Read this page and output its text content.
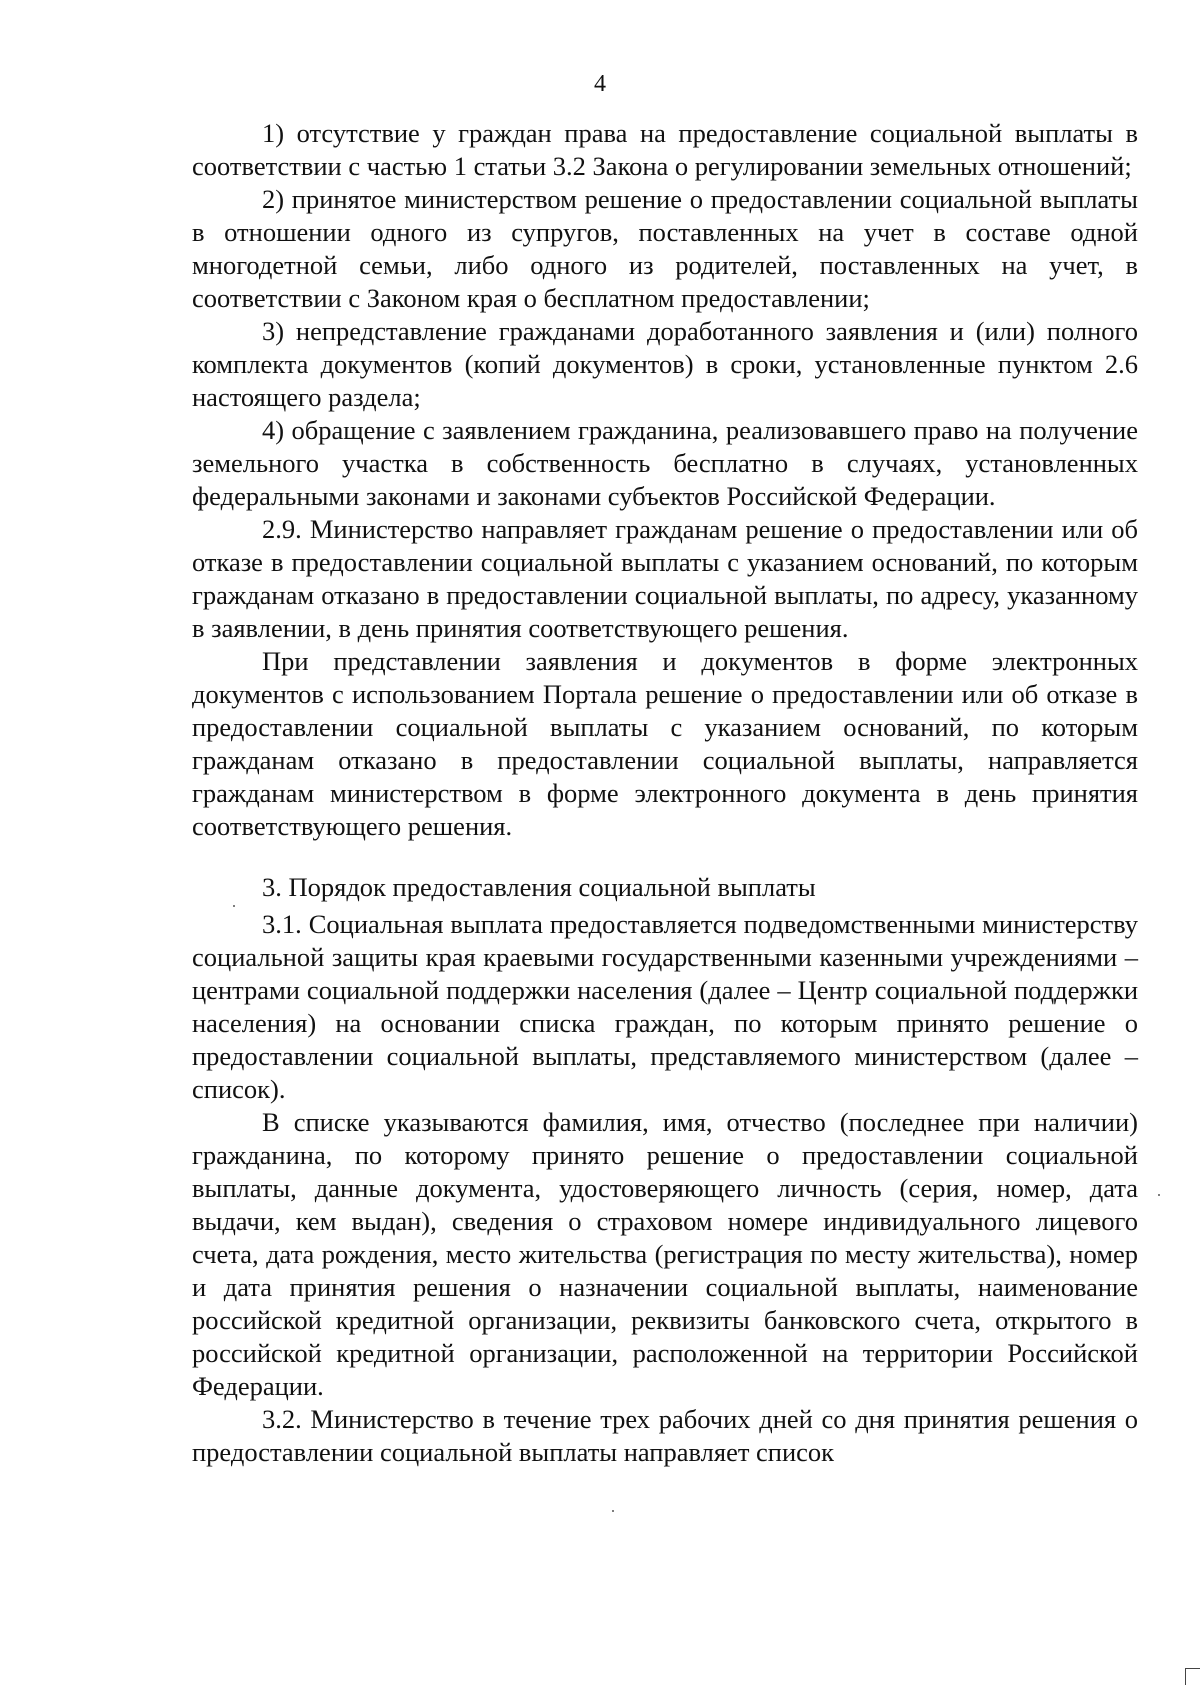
4

1) отсутствие у граждан права на предоставление социальной выплаты в соответствии с частью 1 статьи 3.2 Закона о регулировании земельных отношений;

2) принятое министерством решение о предоставлении социальной выплаты в отношении одного из супругов, поставленных на учет в составе одной многодетной семьи, либо одного из родителей, поставленных на учет, в соответствии с Законом края о бесплатном предоставлении;

3) непредставление гражданами доработанного заявления и (или) полного комплекта документов (копий документов) в сроки, установленные пунктом 2.6 настоящего раздела;

4) обращение с заявлением гражданина, реализовавшего право на получение земельного участка в собственность бесплатно в случаях, установленных федеральными законами и законами субъектов Российской Федерации.

2.9. Министерство направляет гражданам решение о предоставлении или об отказе в предоставлении социальной выплаты с указанием оснований, по которым гражданам отказано в предоставлении социальной выплаты, по адресу, указанному в заявлении, в день принятия соответствующего решения.

При представлении заявления и документов в форме электронных документов с использованием Портала решение о предоставлении или об отказе в предоставлении социальной выплаты с указанием оснований, по которым гражданам отказано в предоставлении социальной выплаты, направляется гражданам министерством в форме электронного документа в день принятия соответствующего решения.

3. Порядок предоставления социальной выплаты

3.1. Социальная выплата предоставляется подведомственными министерству социальной защиты края краевыми государственными казенными учреждениями – центрами социальной поддержки населения (далее – Центр социальной поддержки населения) на основании списка граждан, по которым принято решение о предоставлении социальной выплаты, представляемого министерством (далее – список).

В списке указываются фамилия, имя, отчество (последнее при наличии) гражданина, по которому принято решение о предоставлении социальной выплаты, данные документа, удостоверяющего личность (серия, номер, дата выдачи, кем выдан), сведения о страховом номере индивидуального лицевого счета, дата рождения, место жительства (регистрация по месту жительства), номер и дата принятия решения о назначении социальной выплаты, наименование российской кредитной организации, реквизиты банковского счета, открытого в российской кредитной организации, расположенной на территории Российской Федерации.

3.2. Министерство в течение трех рабочих дней со дня принятия решения о предоставлении социальной выплаты направляет список
